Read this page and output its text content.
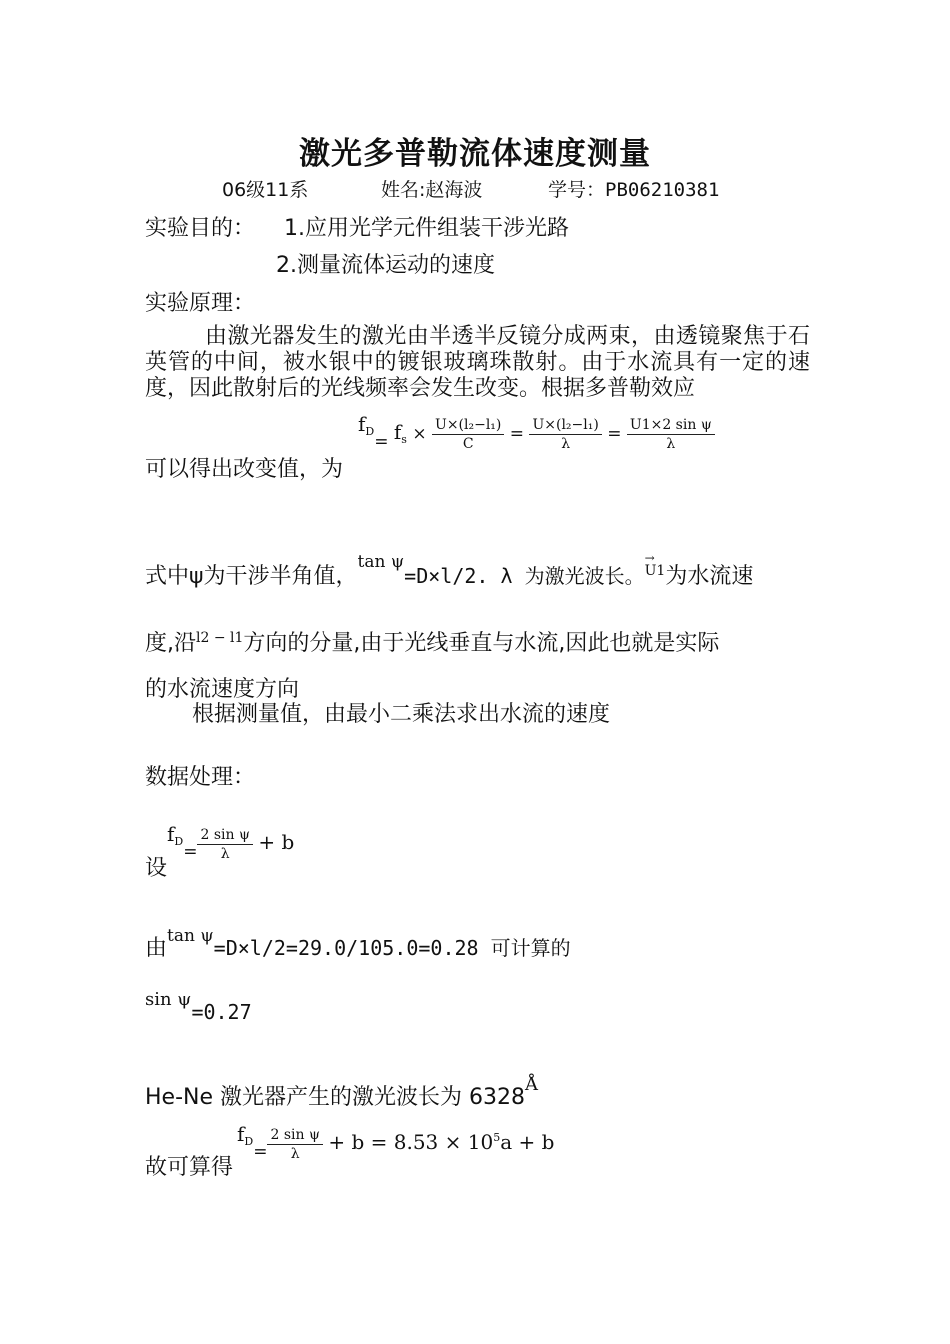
激光多普勒流体速度测量
06级11系	姓名:赵海波	学号：PB06210381
实验目的： 1.应用光学元件组装干涉光路
2.测量流体运动的速度
实验原理：
由激光器发生的激光由半透半反镜分成两束，由透镜聚焦于石英管的中间，被水银中的镀银玻璃珠散射。由于水流具有一定的速度，因此散射后的光线频率会发生改变。根据多普勒效应
可以得出改变值，为
$f_D= f_s \times \frac{\text{U×(l₂−l₁)}}{C} = \frac{\text{U×(l₂−l₁)}}{\lambda} = \frac{\text{U1×2 sin ψ}}{\lambda}$
式中ψ为干涉半角值，$^{tan \psi}$=D×l/2. λ 为激光波长。→ U1为水流速
度,沿$^{l2 - l1}$方向的分量,由于光线垂直与水流,因此也就是实际
的水流速度方向
根据测量值，由最小二乘法求出水流的速度
数据处理：
设
$f_D= \frac{\text{2 sin ψ}}{\lambda} + b$
由$^{tan \psi}$=D×l/2=29.0/105.0=0.28 可计算的
sin ψ=0.27
He-Ne 激光器产生的激光波长为 $6328^Å$
故可算得
$f_D= \frac{\text{2 sin ψ}}{\lambda} + b = 8.53 \times 10^5a + b$
